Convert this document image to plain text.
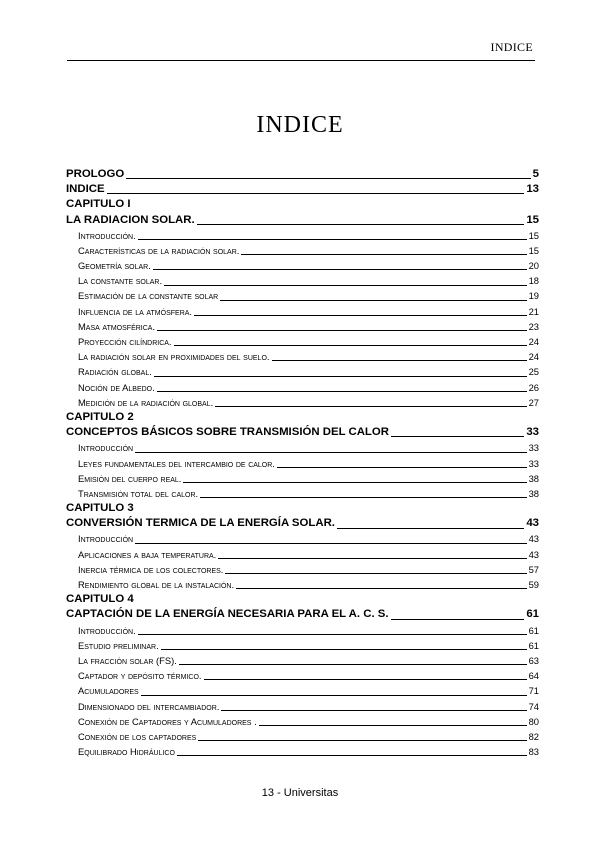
INDICE
INDICE
PROLOGO	5
INDICE	13
CAPITULO I
LA RADIACION SOLAR.	15
Introducción.	15
Características de la radiación solar.	15
Geometría solar.	20
La constante solar.	18
Estimación de la constante solar	19
Influencia de la atmósfera.	21
Masa atmosférica.	23
Proyección cilíndrica.	24
La radiación solar en proximidades del suelo.	24
Radiación global.	25
Noción de Albedo.	26
Medición de la radiación global.	27
CAPITULO 2
CONCEPTOS BÁSICOS SOBRE TRANSMISIÓN DEL CALOR	33
Introducción	33
Leyes fundamentales del intercambio de calor.	33
Emisión del cuerpo real.	38
Transmisión total del calor.	38
CAPITULO 3
CONVERSIÓN TERMICA DE LA ENERGÍA SOLAR.	43
Introducción	43
Aplicaciones a baja temperatura.	43
Inercia térmica de los colectores.	57
Rendimiento global de la instalación.	59
CAPITULO 4
CAPTACIÓN DE LA ENERGÍA NECESARIA PARA EL A. C. S.	61
Introducción.	61
Estudio preliminar.	61
La fracción solar (FS).	63
Captador y depósito térmico.	64
Acumuladores	71
Dimensionado del intercambiador.	74
Conexión de Captadores y Acumuladores .	80
Conexión de los captadores	82
Equilibrado Hidráulico	83
13 - Universitas
